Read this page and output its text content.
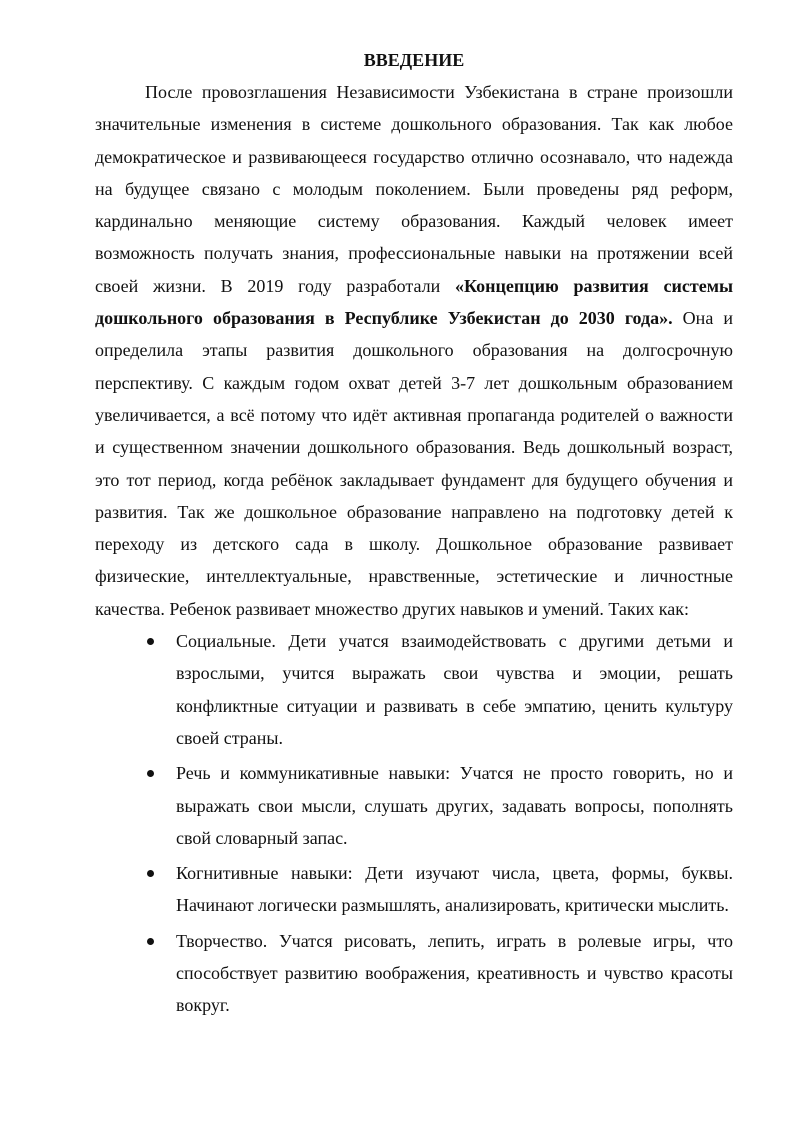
ВВЕДЕНИЕ

После провозглашения Независимости Узбекистана в стране произошли значительные изменения в системе дошкольного образования. Так как любое демократическое и развивающееся государство отлично осознавало, что надежда на будущее связано с молодым поколением. Были проведены ряд реформ, кардинально меняющие систему образования. Каждый человек имеет возможность получать знания, профессиональные навыки на протяжении всей своей жизни. В 2019 году разработали «Концепцию развития системы дошкольного образования в Республике Узбекистан до 2030 года». Она и определила этапы развития дошкольного образования на долгосрочную перспективу. С каждым годом охват детей 3-7 лет дошкольным образованием увеличивается, а всё потому что идёт активная пропаганда родителей о важности и существенном значении дошкольного образования. Ведь дошкольный возраст, это тот период, когда ребёнок закладывает фундамент для будущего обучения и развития. Так же дошкольное образование направлено на подготовку детей к переходу из детского сада в школу. Дошкольное образование развивает физические, интеллектуальные, нравственные, эстетические и личностные качества. Ребенок развивает множество других навыков и умений. Таких как:

Социальные. Дети учатся взаимодействовать с другими детьми и взрослыми, учится выражать свои чувства и эмоции, решать конфликтные ситуации и развивать в себе эмпатию, ценить культуру своей страны.
Речь и коммуникативные навыки: Учатся не просто говорить, но и выражать свои мысли, слушать других, задавать вопросы, пополнять свой словарный запас.
Когнитивные навыки: Дети изучают числа, цвета, формы, буквы. Начинают логически размышлять, анализировать, критически мыслить.
Творчество. Учатся рисовать, лепить, играть в ролевые игры, что способствует развитию воображения, креативность и чувство красоты вокруг.
